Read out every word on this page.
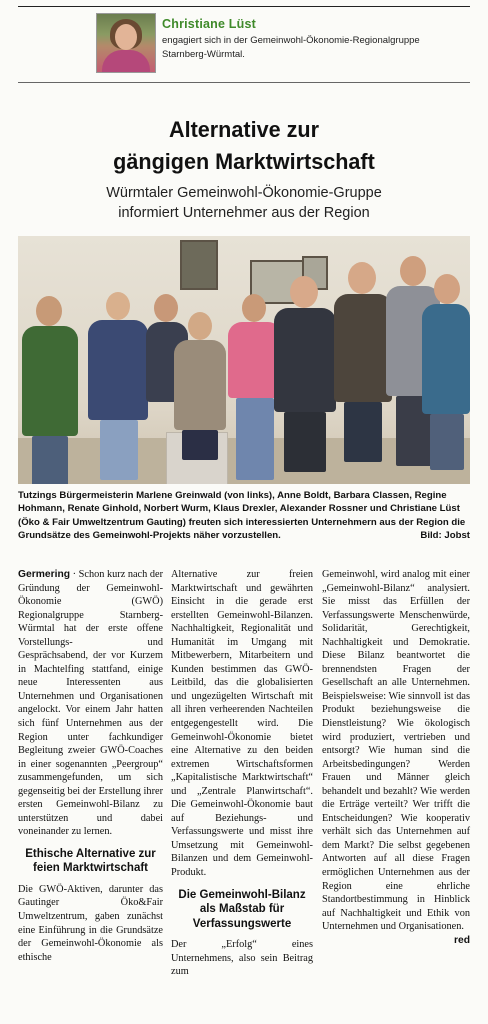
Christiane Lüst
engagiert sich in der Gemeinwohl-Ökonomie-Regionalgruppe Starnberg-Würmtal.
Alternative zur
gängigen Marktwirtschaft
Würmtaler Gemeinwohl-Ökonomie-Gruppe
informiert Unternehmer aus der Region
Tutzings Bürgermeisterin Marlene Greinwald (von links), Anne Boldt, Barbara Classen, Regine Hohmann, Renate Ginhold, Norbert Wurm, Klaus Drexler, Alexander Rossner und Christiane Lüst (Öko & Fair Umweltzentrum Gauting) freuten sich interessierten Unternehmern aus der Region die Grundsätze des Gemeinwohl-Projekts näher vorzustellen.	Bild: Jobst

Germering · Schon kurz nach der Gründung der Gemeinwohl-Ökonomie (GWÖ) Regionalgruppe Starnberg-Würmtal hat der erste offene Vorstellungs- und Gesprächsabend, der vor Kurzem in Machtelfing stattfand, einige neue Interessenten aus Unternehmen und Organisationen angelockt. Vor einem Jahr hatten sich fünf Unternehmen aus der Region unter fachkundiger Begleitung zweier GWÖ-Coaches in einer sogenannten „Peergroup“ zusammengefunden, um sich gegenseitig bei der Erstellung ihrer ersten Gemeinwohl-Bilanz zu unterstützen und dabei voneinander zu lernen.

Ethische Alternative zur feien Marktwirtschaft

Die GWÖ-Aktiven, darunter das Gautinger Öko&Fair Umweltzentrum, gaben zunächst eine Einführung in die Grundsätze der Gemeinwohl-Ökonomie als ethische

Alternative zur freien Marktwirtschaft und gewährten Einsicht in die gerade erst erstellten Gemeinwohl-Bilanzen. Nachhaltigkeit, Regionalität und Humanität im Umgang mit Mitbewerbern, Mitarbeitern und Kunden bestimmen das GWÖ-Leitbild, das die globalisierten und ungezügelten Wirtschaft mit all ihren verheerenden Nachteilen entgegengestellt wird. Die Gemeinwohl-Ökonomie bietet eine Alternative zu den beiden extremen Wirtschaftsformen „Kapitalistische Marktwirtschaft“ und „Zentrale Planwirtschaft“. Die Gemeinwohl-Ökonomie baut auf Beziehungs- und Verfassungswerte und misst ihre Umsetzung mit Gemeinwohl-Bilanzen und dem Gemeinwohl-Produkt.

Die Gemeinwohl-Bilanz als Maßstab für Verfassungswerte

Der „Erfolg“ eines Unternehmens, also sein Beitrag zum

Gemeinwohl, wird analog mit einer „Gemeinwohl-Bilanz“ analysiert. Sie misst das Erfüllen der Verfassungswerte Menschenwürde, Solidarität, Gerechtigkeit, Nachhaltigkeit und Demokratie. Diese Bilanz beantwortet die brennendsten Fragen der Gesellschaft an alle Unternehmen. Beispielsweise: Wie sinnvoll ist das Produkt beziehungsweise die Dienstleistung? Wie ökologisch wird produziert, vertrieben und entsorgt? Wie human sind die Arbeitsbedingungen? Werden Frauen und Männer gleich behandelt und bezahlt? Wie werden die Erträge verteilt? Wer trifft die Entscheidungen? Wie kooperativ verhält sich das Unternehmen auf dem Markt? Die selbst gegebenen Antworten auf all diese Fragen ermöglichen Unternehmen aus der Region eine ehrliche Standortbestimmung in Hinblick auf Nachhaltigkeit und Ethik von Unternehmen und Organisationen.
red
